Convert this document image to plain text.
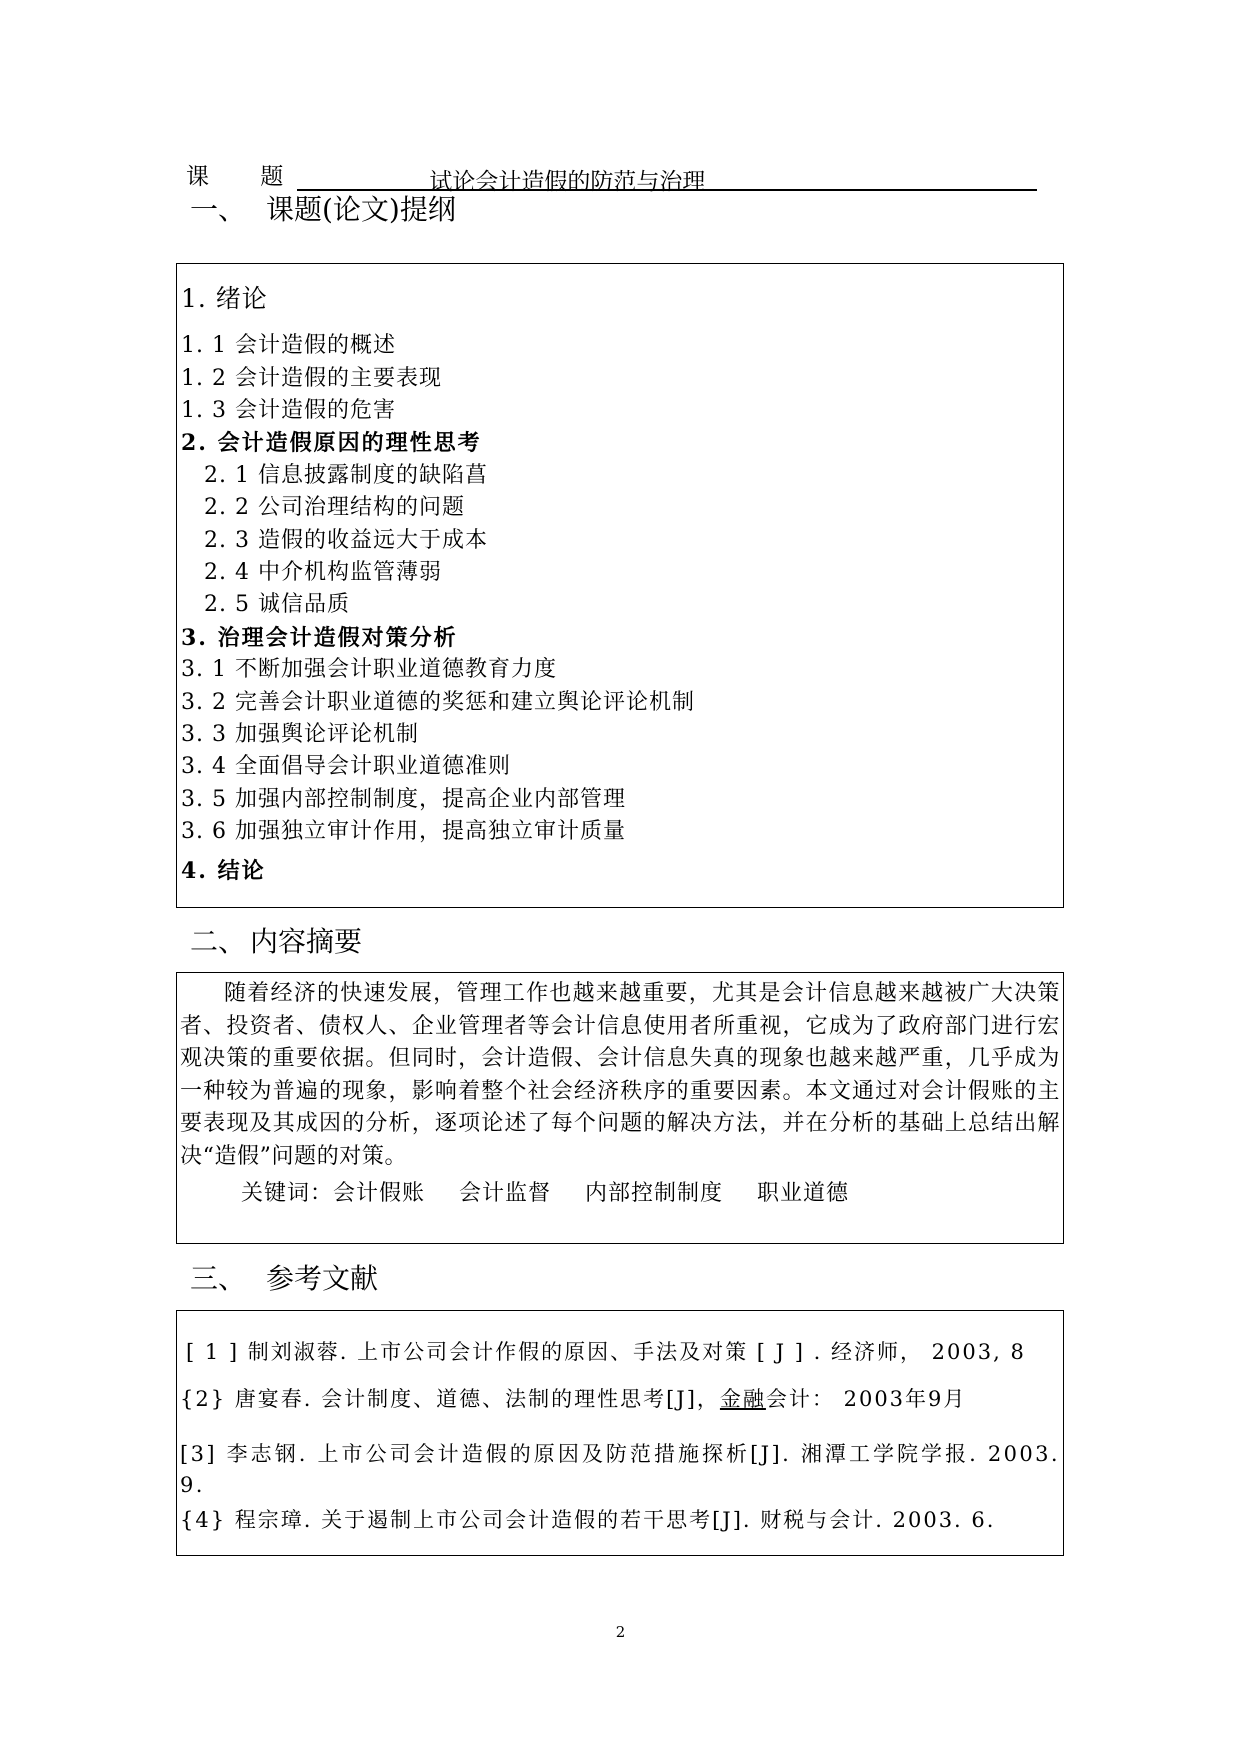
课 题	试论会计造假的防范与治理
一、 课题(论文)提纲
1. 绪论
1. 1 会计造假的概述
1. 2 会计造假的主要表现
1. 3 会计造假的危害
2. 会计造假原因的理性思考
2. 1 信息披露制度的缺陷菖
2. 2 公司治理结构的问题
2. 3 造假的收益远大于成本
2. 4 中介机构监管薄弱
2. 5 诚信品质
3. 治理会计造假对策分析
3. 1 不断加强会计职业道德教育力度
3. 2 完善会计职业道德的奖惩和建立舆论评论机制
3. 3 加强舆论评论机制
3. 4 全面倡导会计职业道德准则
3. 5 加强内部控制制度，提高企业内部管理
3. 6 加强独立审计作用，提高独立审计质量
4. 结论
二、 内容摘要

随着经济的快速发展，管理工作也越来越重要，尤其是会计信息越来越被广大决策者、投资者、债权人、企业管理者等会计信息使用者所重视，它成为了政府部门进行宏观决策的重要依据。但同时，会计造假、会计信息失真的现象也越来越严重，几乎成为一种较为普遍的现象，影响着整个社会经济秩序的重要因素。本文通过对会计假账的主要表现及其成因的分析，逐项论述了每个问题的解决方法，并在分析的基础上总结出解决“造假”问题的对策。

关键词：会计假账 会计监督 内部控制制度 职业道德
三、 参考文献
[ 1 ] 制刘淑蓉. 上市公司会计作假的原因、手法及对策 [ J ] . 经济师， 2003, 8
{2} 唐宴春. 会计制度、道德、法制的理性思考[J]，金融会计： 2003年9月
[3] 李志钢. 上市公司会计造假的原因及防范措施探析[J]. 湘潭工学院学报. 2003. 9.
{4} 程宗璋. 关于遏制上市公司会计造假的若干思考[J]. 财税与会计. 2003. 6.
2
